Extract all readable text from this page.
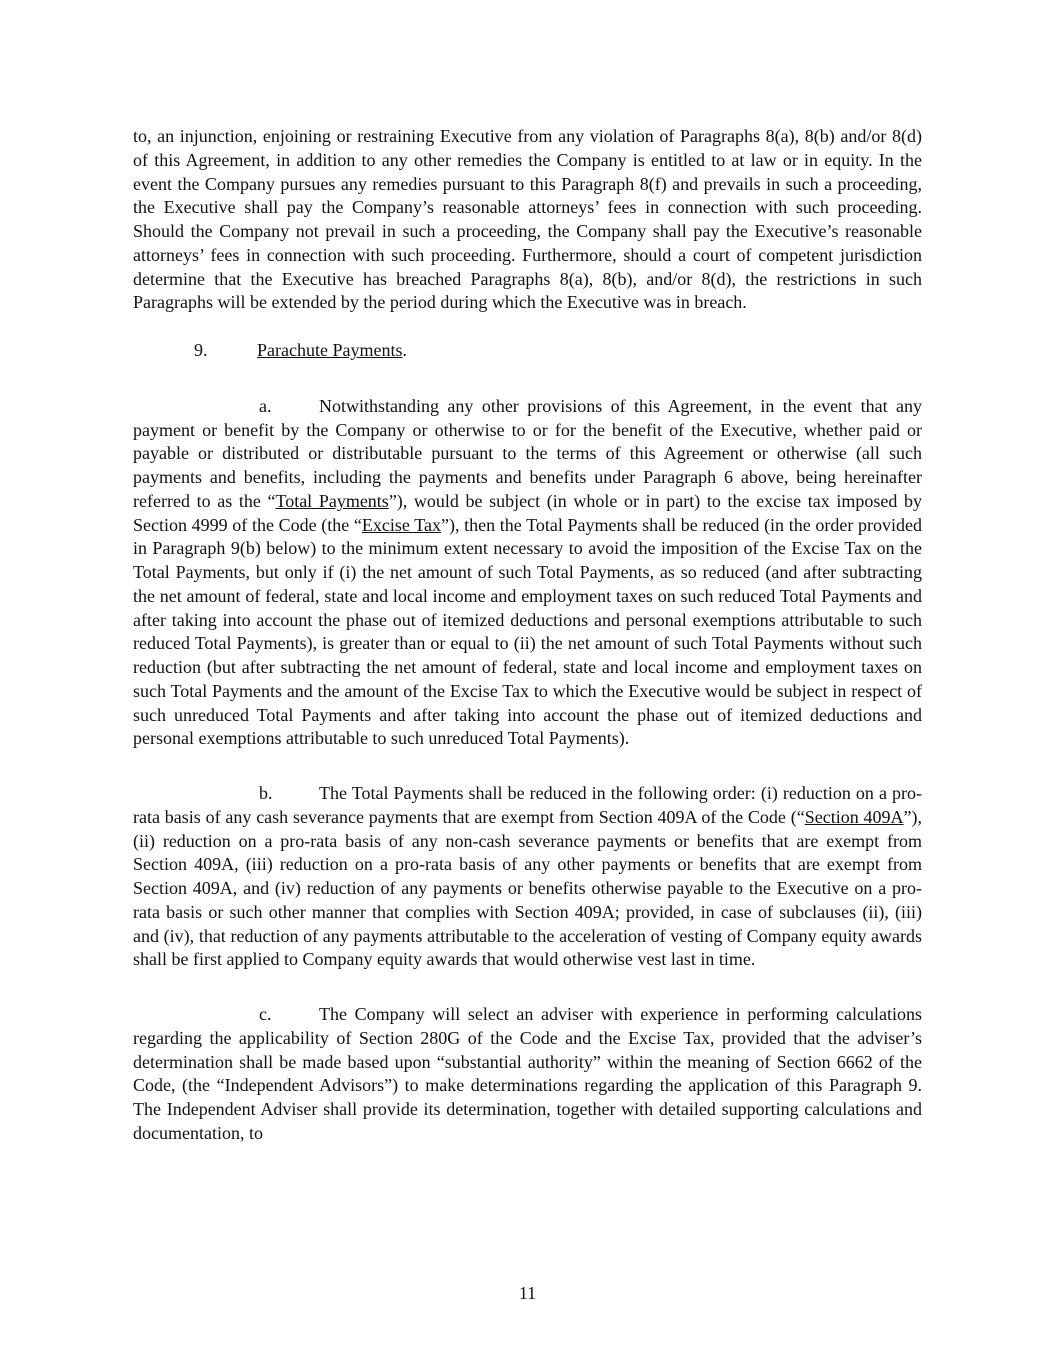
to, an injunction, enjoining or restraining Executive from any violation of Paragraphs 8(a), 8(b) and/or 8(d) of this Agreement, in addition to any other remedies the Company is entitled to at law or in equity. In the event the Company pursues any remedies pursuant to this Paragraph 8(f) and prevails in such a proceeding, the Executive shall pay the Company’s reasonable attorneys’ fees in connection with such proceeding. Should the Company not prevail in such a proceeding, the Company shall pay the Executive’s reasonable attorneys’ fees in connection with such proceeding. Furthermore, should a court of competent jurisdiction determine that the Executive has breached Paragraphs 8(a), 8(b), and/or 8(d), the restrictions in such Paragraphs will be extended by the period during which the Executive was in breach.

9.	Parachute Payments.

a.	Notwithstanding any other provisions of this Agreement, in the event that any payment or benefit by the Company or otherwise to or for the benefit of the Executive, whether paid or payable or distributed or distributable pursuant to the terms of this Agreement or otherwise (all such payments and benefits, including the payments and benefits under Paragraph 6 above, being hereinafter referred to as the “Total Payments”), would be subject (in whole or in part) to the excise tax imposed by Section 4999 of the Code (the “Excise Tax”), then the Total Payments shall be reduced (in the order provided in Paragraph 9(b) below) to the minimum extent necessary to avoid the imposition of the Excise Tax on the Total Payments, but only if (i) the net amount of such Total Payments, as so reduced (and after subtracting the net amount of federal, state and local income and employment taxes on such reduced Total Payments and after taking into account the phase out of itemized deductions and personal exemptions attributable to such reduced Total Payments), is greater than or equal to (ii) the net amount of such Total Payments without such reduction (but after subtracting the net amount of federal, state and local income and employment taxes on such Total Payments and the amount of the Excise Tax to which the Executive would be subject in respect of such unreduced Total Payments and after taking into account the phase out of itemized deductions and personal exemptions attributable to such unreduced Total Payments).

b.	The Total Payments shall be reduced in the following order: (i) reduction on a pro-rata basis of any cash severance payments that are exempt from Section 409A of the Code (“Section 409A”), (ii) reduction on a pro-rata basis of any non-cash severance payments or benefits that are exempt from Section 409A, (iii) reduction on a pro-rata basis of any other payments or benefits that are exempt from Section 409A, and (iv) reduction of any payments or benefits otherwise payable to the Executive on a pro-rata basis or such other manner that complies with Section 409A; provided, in case of subclauses (ii), (iii) and (iv), that reduction of any payments attributable to the acceleration of vesting of Company equity awards shall be first applied to Company equity awards that would otherwise vest last in time.

c.	The Company will select an adviser with experience in performing calculations regarding the applicability of Section 280G of the Code and the Excise Tax, provided that the adviser’s determination shall be made based upon “substantial authority” within the meaning of Section 6662 of the Code, (the “Independent Advisors”) to make determinations regarding the application of this Paragraph 9. The Independent Adviser shall provide its determination, together with detailed supporting calculations and documentation, to

11
